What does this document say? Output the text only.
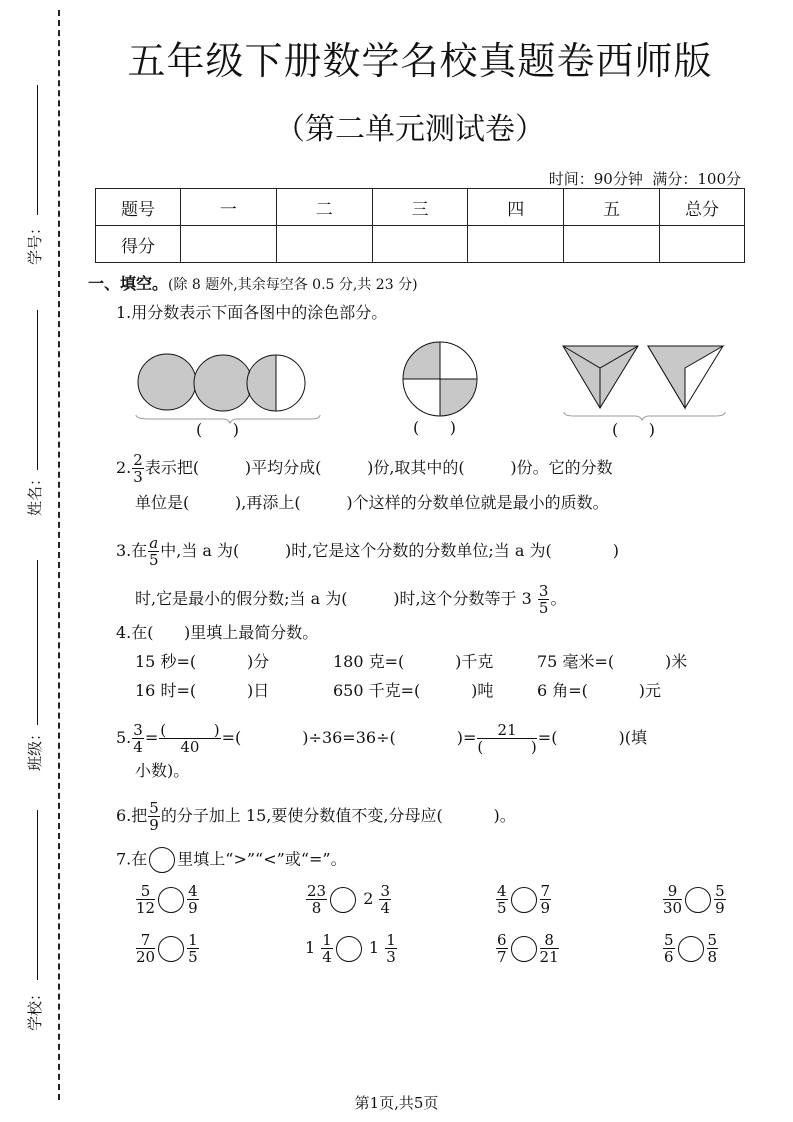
学号：
姓名：
班级：
学校：
五年级下册数学名校真题卷西师版
（第二单元测试卷）
时间：90分钟  满分：100分
题号	一	二	三	四	五	总分
得分						
一、填空。(除 8 题外,其余每空各 0.5 分,共 23 分)
1.用分数表示下面各图中的涂色部分。
(      )	(      )	(      )
2. $\frac{2}{3}$ 表示把(         )平均分成(         )份,取其中的(         )份。它的分数
单位是(         ),再添上(         )个这样的分数单位就是最小的质数。
3.在 $\frac{a}{5}$ 中,当 a 为(         )时,它是这个分数的分数单位;当 a 为(            )
时,它是最小的假分数;当 a 为(         )时,这个分数等于 $3 \frac{3}{5}$ 。
4.在(      )里填上最简分数。
15 秒=(          )分	180 克=(          )千克	75 毫米=(          )米
16 时=(          )日	650 千克=(          )吨	6 角=(          )元
5. $\frac{3}{4} = \frac{( )}{40}$ =(            )÷36=36÷(            )= $\frac{21}{( )}$ =(            )(填
小数)。
6.把 $\frac{5}{9}$ 的分子加上 15,要使分数值不变,分母应(          )。
7.在 里填上“>”“<”或“=”。
第1页,共5页
$\frac{5}{12} \frac{4}{9}$	$\frac{23}{8} 2 \frac{3}{4}$	$\frac{4}{5} \frac{7}{9}$	$\frac{9}{30} \frac{5}{9}$
$\frac{7}{20} \frac{1}{5}$	$1 \frac{1}{4} 1 \frac{1}{3}$	$\frac{6}{7} \frac{8}{21}$	$\frac{5}{6} \frac{5}{8}$
